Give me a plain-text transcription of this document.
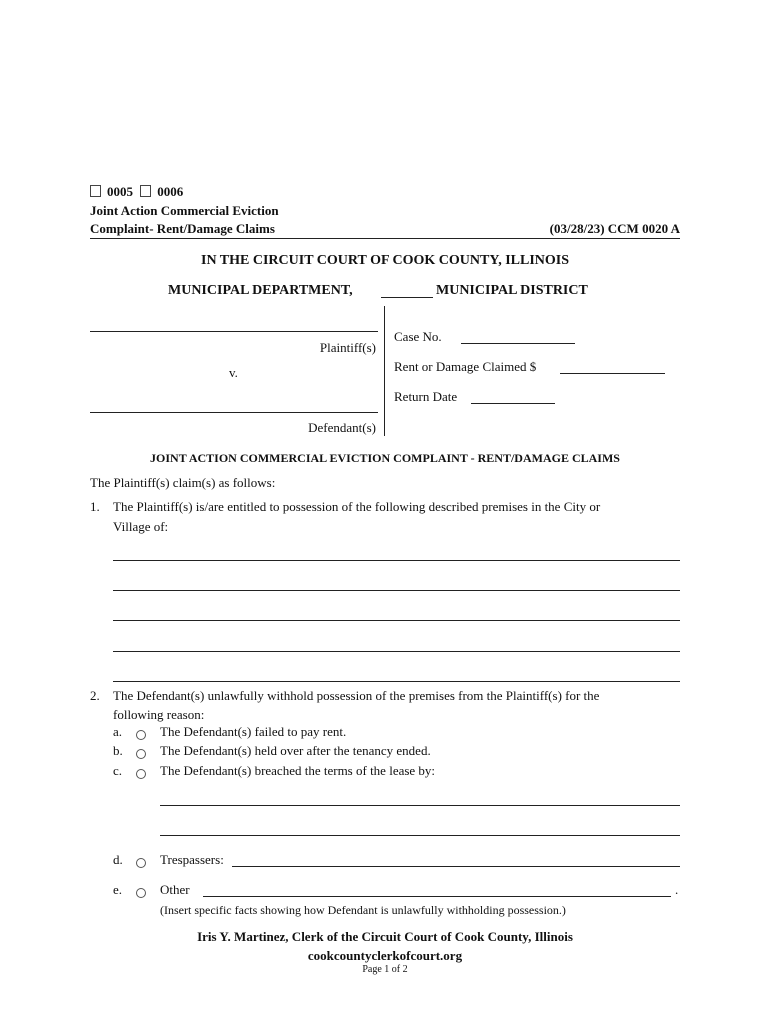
0005 0006
Joint Action Commercial Eviction
Complaint- Rent/Damage Claims	(03/28/23) CCM 0020 A
IN THE CIRCUIT COURT OF COOK COUNTY, ILLINOIS
MUNICIPAL DEPARTMENT,	MUNICIPAL DISTRICT
Plaintiff(s)
v.
Defendant(s)
Case No.
Rent or Damage Claimed $
Return Date
JOINT ACTION COMMERCIAL EVICTION COMPLAINT - RENT/DAMAGE CLAIMS
The Plaintiff(s) claim(s) as follows:
1. The Plaintiff(s) is/are entitled to possession of the following described premises in the City or
Village of:
2. The Defendant(s) unlawfully withhold possession of the premises from the Plaintiff(s) for the
following reason:
a.	The Defendant(s) failed to pay rent.
b.	The Defendant(s) held over after the tenancy ended.
c.	The Defendant(s) breached the terms of the lease by:
d.	Trespassers:
e.	Other	.
(Insert specific facts showing how Defendant is unlawfully withholding possession.)
Iris Y. Martinez, Clerk of the Circuit Court of Cook County, Illinois
cookcountyclerkofcourt.org
Page 1 of 2
